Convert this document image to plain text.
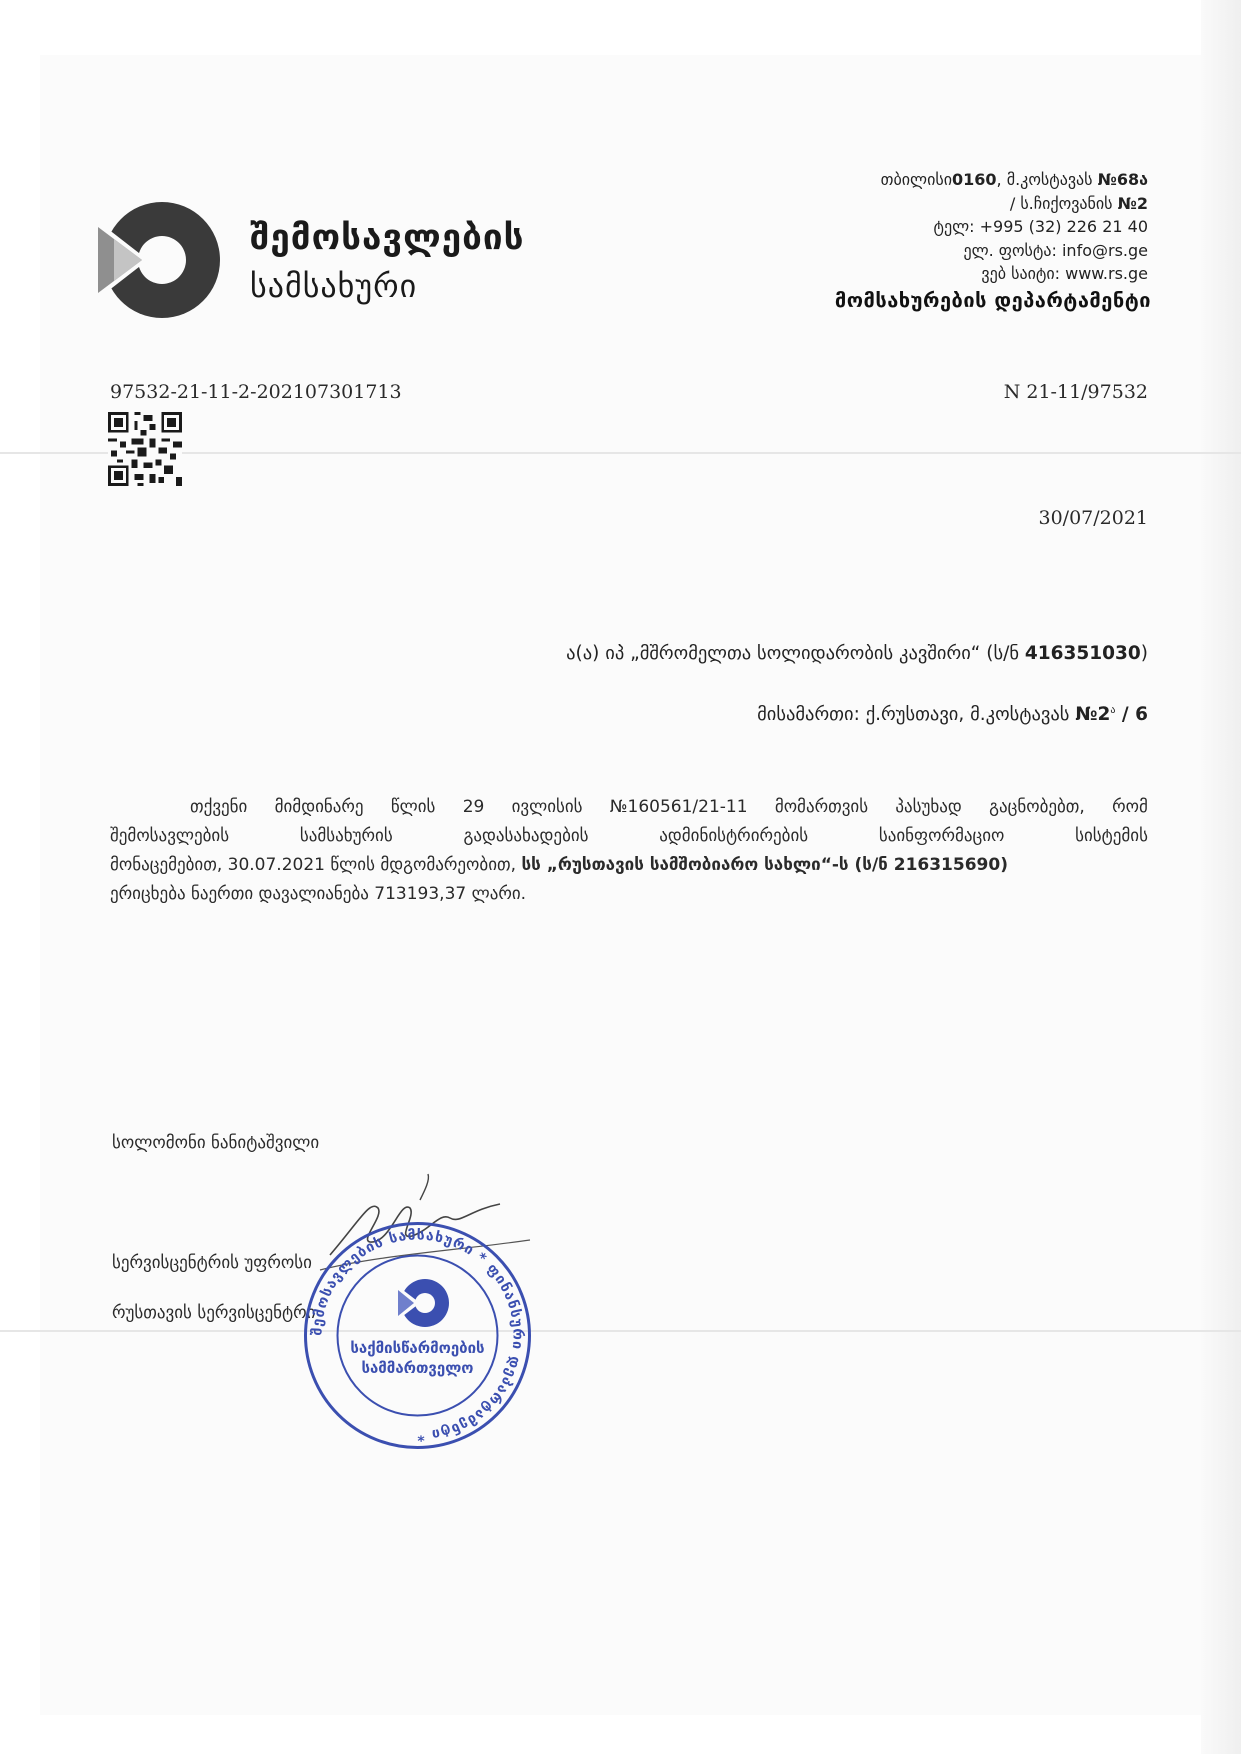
შემოსავლების
სამსახური
თბილისი0160, მ.კოსტავას №68ა
/ ს.ჩიქოვანის №2
ტელ: +995 (32) 226 21 40
ელ. ფოსტა: info@rs.ge
ვებ საიტი: www.rs.ge
მომსახურების დეპარტამენტი
97532-21-11-2-202107301713	N 21-11/97532
30/07/2021
ა(ა) იპ „მშრომელთა სოლიდარობის კავშირი“ (ს/ნ 416351030)
მისამართი: ქ.რუსთავი, მ.კოსტავას $№2^ა / 6$
თქვენი მიმდინარე წლის 29 ივლისის №160561/21-11 მომართვის პასუხად გაცნობებთ, რომ
შემოსავლების	სამსახურის	გადასახადების	ადმინისტრირების	საინფორმაციო	სისტემის
მონაცემებით, 30.07.2021 წლის მდგომარეობით, სს „რუსთავის სამშობიარო სახლი“-ს (ს/ნ 216315690)
ერიცხება ნაერთი დავალიანება 713193,37 ლარი.
სოლომონი ნანიტაშვილი
სერვისცენტრის უფროსი
რუსთავის სერვისცენტრი
შემოსავლების სამსახური * ფინანსური დეპარტამენტი *
საქმისწარმოების
სამმართველო
